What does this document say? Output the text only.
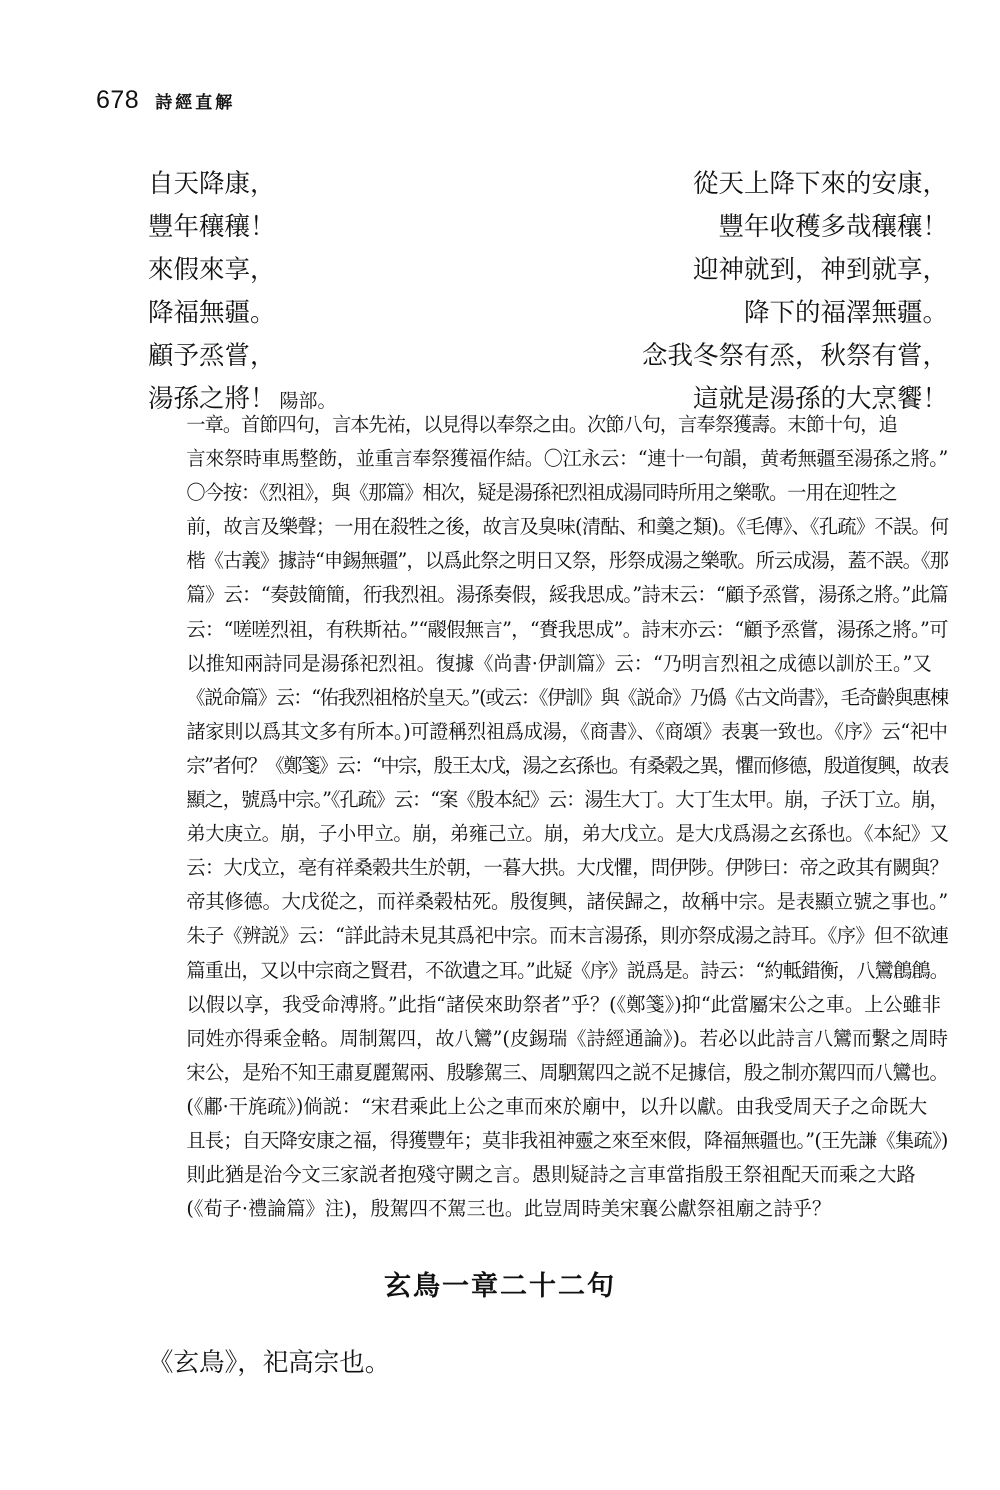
678 詩經直解
自天降康，	從天上降下來的安康，
豐年穰穰！	豐年收穫多哉穰穰！
來假來享，	迎神就到，神到就享，
降福無疆。	降下的福澤無疆。
顧予烝嘗，	念我冬祭有烝，秋祭有嘗，
湯孫之將！ 陽部。	這就是湯孫的大烹饗！

一章。首節四句，言本先祐，以見得以奉祭之由。次節八句，言奉祭獲壽。末節十句，追
言來祭時車馬整飭，並重言奉祭獲福作結。〇江永云：“連十一句韻，黄耇無疆至湯孫之將。”

〇今按：《烈祖》，與《那篇》相次，疑是湯孫祀烈祖成湯同時所用之樂歌。一用在迎牲之
前，故言及樂聲；一用在殺牲之後，故言及臭味(清酤、和羹之類)。《毛傳》、《孔疏》不誤。何
楷《古義》據詩“申錫無疆”，以爲此祭之明日又祭，彤祭成湯之樂歌。所云成湯，蓋不誤。《那
篇》云：“奏鼓簡簡，衎我烈祖。湯孫奏假，綏我思成。”詩末云：“顧予烝嘗，湯孫之將。”此篇
云：“嗟嗟烈祖，有秩斯祜。”“鬷假無言”，“賚我思成”。詩末亦云：“顧予烝嘗，湯孫之將。”可
以推知兩詩同是湯孫祀烈祖。復據《尚書·伊訓篇》云：“乃明言烈祖之成德以訓於王。”又
《説命篇》云：“佑我烈祖格於皇天。”(或云：《伊訓》與《説命》乃僞《古文尚書》，毛奇齡與惠棟
諸家則以爲其文多有所本。)可證稱烈祖爲成湯，《商書》、《商頌》表裏一致也。《序》云“祀中
宗”者何？《鄭箋》云：“中宗，殷王太戊，湯之玄孫也。有桑榖之異，懼而修德，殷道復興，故表
顯之，號爲中宗。”《孔疏》云：“案《殷本紀》云：湯生大丁。大丁生太甲。崩，子沃丁立。崩，
弟大庚立。崩，子小甲立。崩，弟雍己立。崩，弟大戊立。是大戊爲湯之玄孫也。《本紀》又
云：大戊立，亳有祥桑榖共生於朝，一暮大拱。大戊懼，問伊陟。伊陟曰：帝之政其有闕與？
帝其修德。大戊從之，而祥桑榖枯死。殷復興，諸侯歸之，故稱中宗。是表顯立號之事也。”
朱子《辨説》云：“詳此詩未見其爲祀中宗。而末言湯孫，則亦祭成湯之詩耳。《序》但不欲連
篇重出，又以中宗商之賢君，不欲遺之耳。”此疑《序》説爲是。詩云：“約軧錯衡，八鸞鶬鶬。
以假以享，我受命溥將。”此指“諸侯來助祭者”乎？(《鄭箋》)抑“此當屬宋公之車。上公雖非
同姓亦得乘金輅。周制駕四，故八鸞”(皮錫瑞《詩經通論》)。若必以此詩言八鸞而繫之周時
宋公，是殆不知王肅夏麗駕兩、殷驂駕三、周駟駕四之説不足據信，殷之制亦駕四而八鸞也。
(《鄘·干旄疏》)倘説：“宋君乘此上公之車而來於廟中，以升以獻。由我受周天子之命既大
且長；自天降安康之福，得獲豐年；莫非我祖神靈之來至來假，降福無疆也。”(王先謙《集疏》)
則此猶是治今文三家説者抱殘守闕之言。愚則疑詩之言車當指殷王祭祖配天而乘之大路
(《荀子·禮論篇》注)，殷駕四不駕三也。此豈周時美宋襄公獻祭祖廟之詩乎？

玄鳥一章二十二句
《玄鳥》，祀高宗也。
